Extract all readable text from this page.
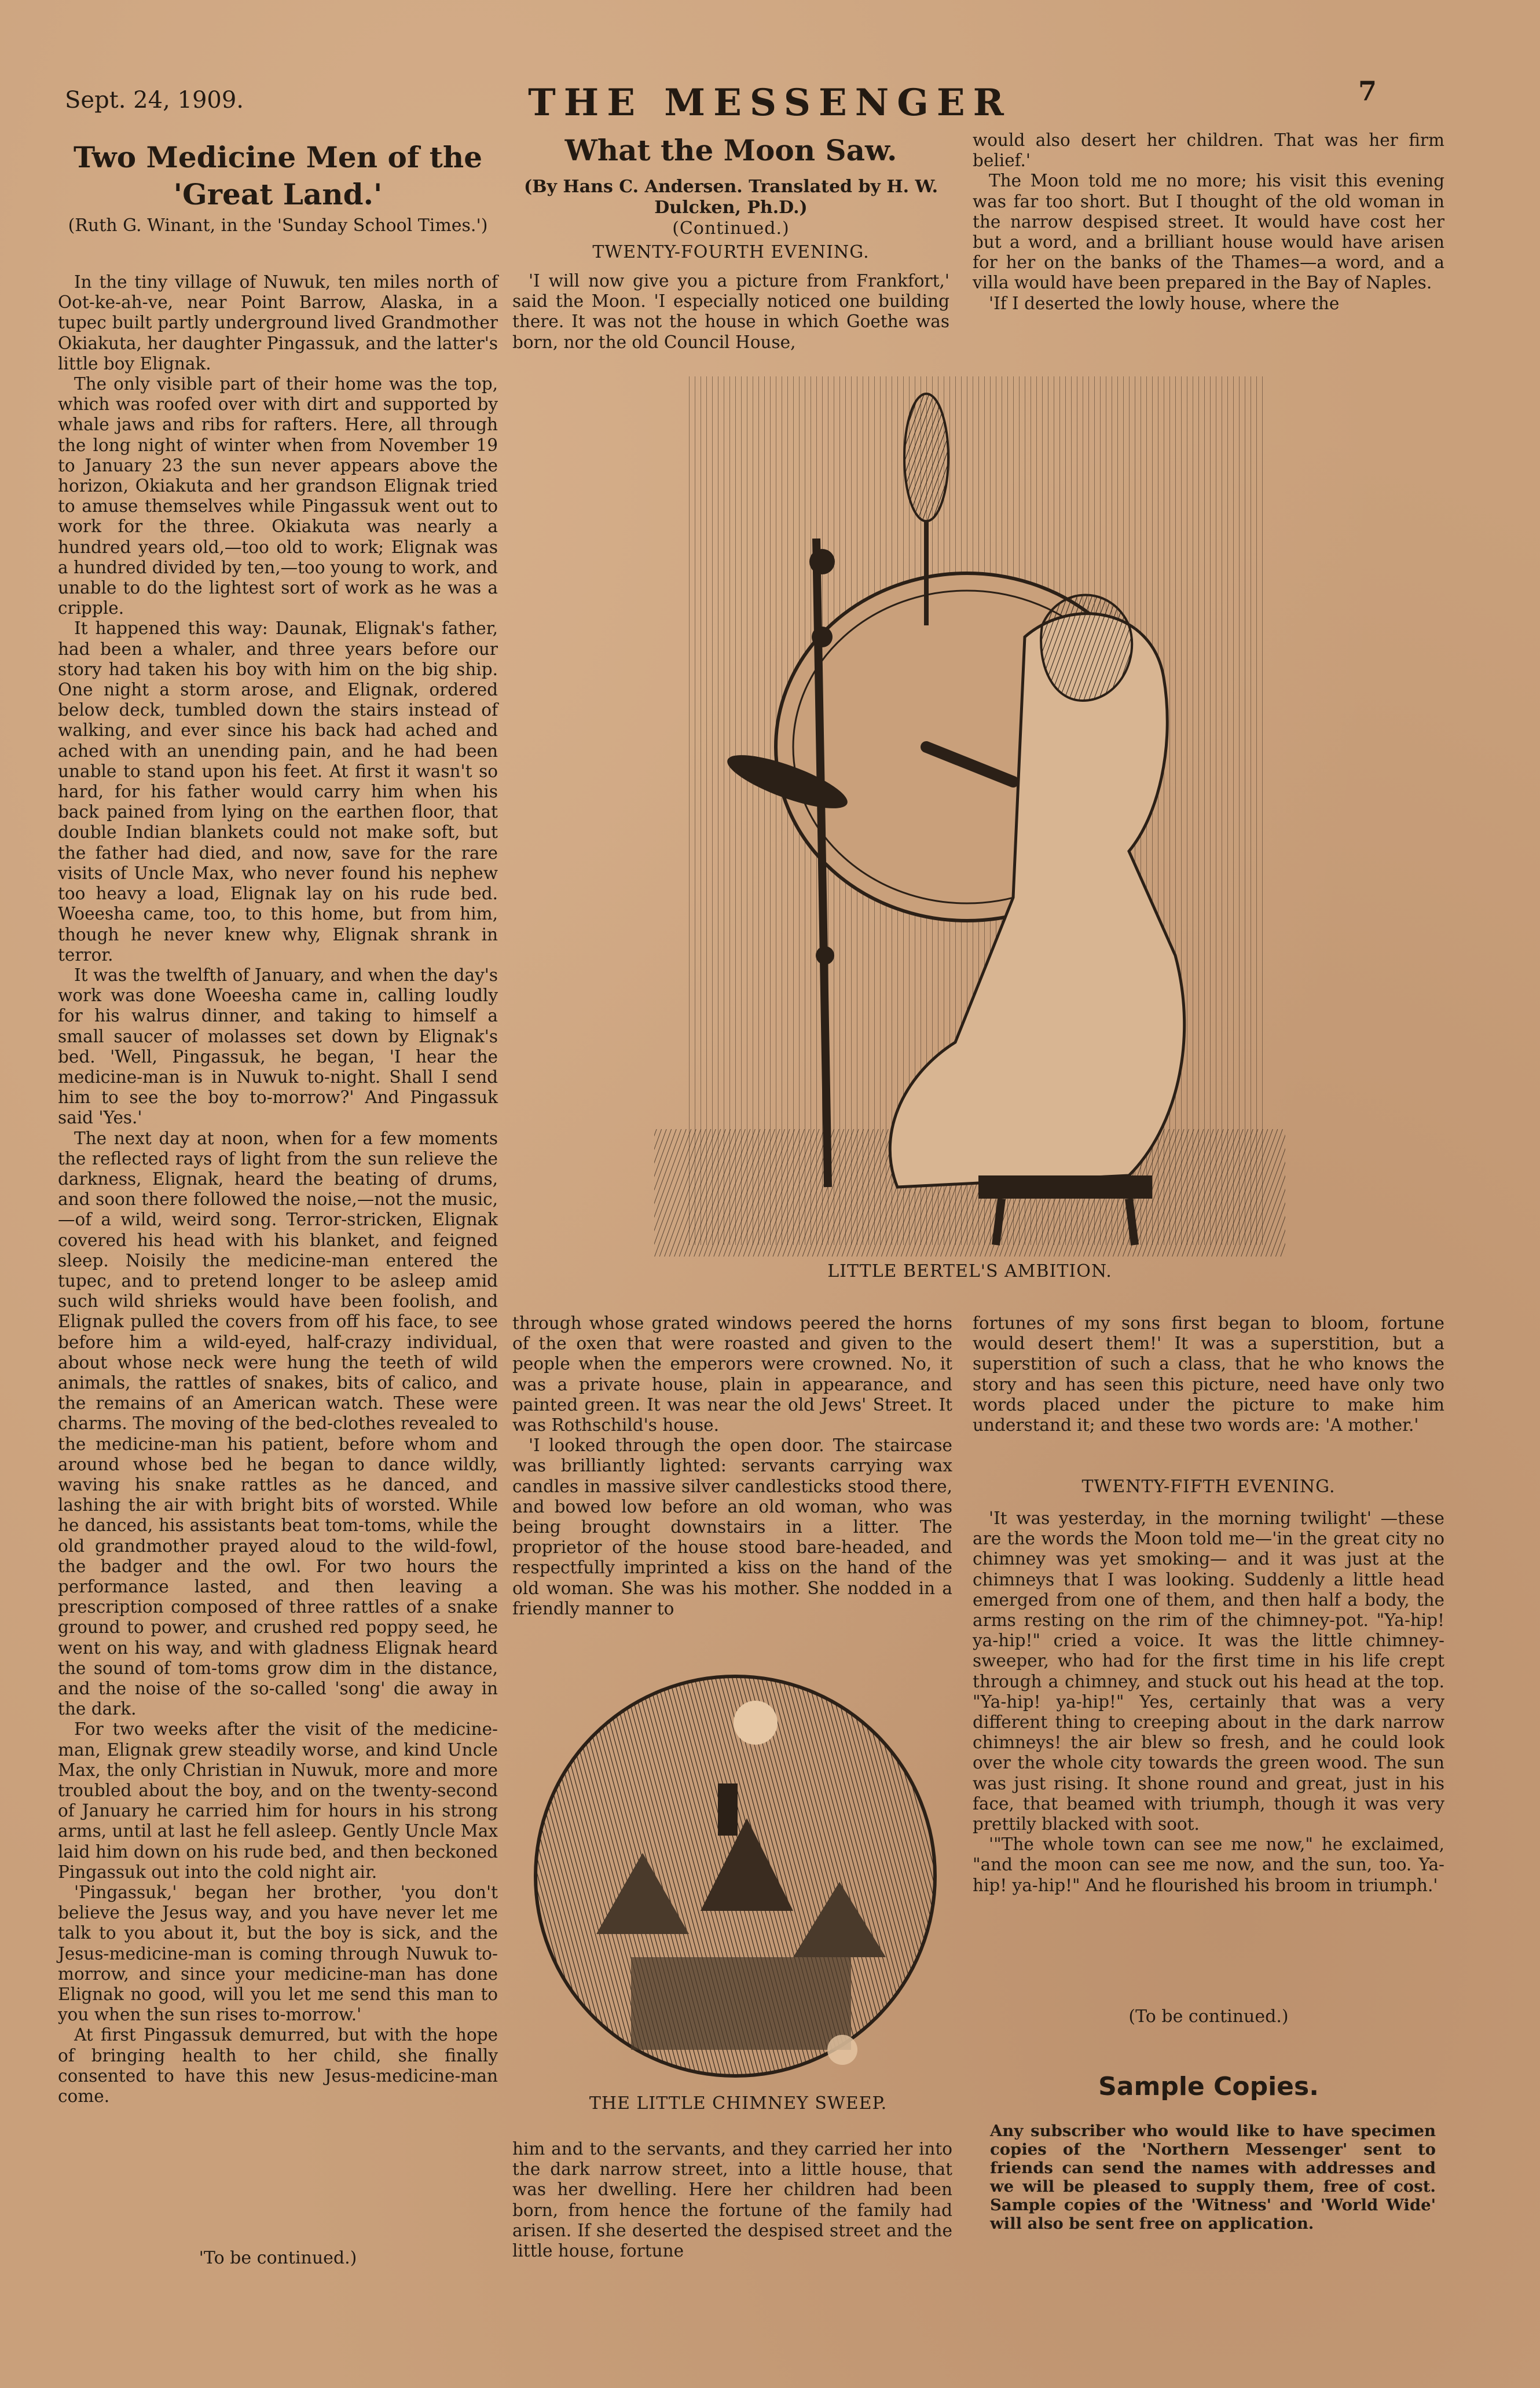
Sept. 24, 1909.	THE MESSENGER	7
Two Medicine Men of the 'Great Land.'
(Ruth G. Winant, in the 'Sunday School Times.')

In the tiny village of Nuwuk, ten miles north of Oot-ke-ah-ve, near Point Barrow, Alaska, in a tupec built partly underground lived Grandmother Okiakuta, her daughter Pingassuk, and the latter's little boy Elignak.

The only visible part of their home was the top, which was roofed over with dirt and supported by whale jaws and ribs for rafters. Here, all through the long night of winter when from November 19 to January 23 the sun never appears above the horizon, Okiakuta and her grandson Elignak tried to amuse themselves while Pingassuk went out to work for the three. Okiakuta was nearly a hundred years old,—too old to work; Elignak was a hundred divided by ten,—too young to work, and unable to do the lightest sort of work as he was a cripple.

It happened this way: Daunak, Elignak's father, had been a whaler, and three years before our story had taken his boy with him on the big ship. One night a storm arose, and Elignak, ordered below deck, tumbled down the stairs instead of walking, and ever since his back had ached and ached with an unending pain, and he had been unable to stand upon his feet. At first it wasn't so hard, for his father would carry him when his back pained from lying on the earthen floor, that double Indian blankets could not make soft, but the father had died, and now, save for the rare visits of Uncle Max, who never found his nephew too heavy a load, Elignak lay on his rude bed. Woeesha came, too, to this home, but from him, though he never knew why, Elignak shrank in terror.

It was the twelfth of January, and when the day's work was done Woeesha came in, calling loudly for his walrus dinner, and taking to himself a small saucer of molasses set down by Elignak's bed. 'Well, Pingassuk, he began, 'I hear the medicine-man is in Nuwuk to-night. Shall I send him to see the boy to-morrow?' And Pingassuk said 'Yes.'

The next day at noon, when for a few moments the reflected rays of light from the sun relieve the darkness, Elignak, heard the beating of drums, and soon there followed the noise,—not the music,—of a wild, weird song. Terror-stricken, Elignak covered his head with his blanket, and feigned sleep. Noisily the medicine-man entered the tupec, and to pretend longer to be asleep amid such wild shrieks would have been foolish, and Elignak pulled the covers from off his face, to see before him a wild-eyed, half-crazy individual, about whose neck were hung the teeth of wild animals, the rattles of snakes, bits of calico, and the remains of an American watch. These were charms. The moving of the bed-clothes revealed to the medicine-man his patient, before whom and around whose bed he began to dance wildly, waving his snake rattles as he danced, and lashing the air with bright bits of worsted. While he danced, his assistants beat tom-toms, while the old grandmother prayed aloud to the wild-fowl, the badger and the owl. For two hours the performance lasted, and then leaving a prescription composed of three rattles of a snake ground to power, and crushed red poppy seed, he went on his way, and with gladness Elignak heard the sound of tom-toms grow dim in the distance, and the noise of the so-called 'song' die away in the dark.

For two weeks after the visit of the medicine-man, Elignak grew steadily worse, and kind Uncle Max, the only Christian in Nuwuk, more and more troubled about the boy, and on the twenty-second of January he carried him for hours in his strong arms, until at last he fell asleep. Gently Uncle Max laid him down on his rude bed, and then beckoned Pingassuk out into the cold night air.

'Pingassuk,' began her brother, 'you don't believe the Jesus way, and you have never let me talk to you about it, but the boy is sick, and the Jesus-medicine-man is coming through Nuwuk to-morrow, and since your medicine-man has done Elignak no good, will you let me send this man to you when the sun rises to-morrow.'

At first Pingassuk demurred, but with the hope of bringing health to her child, she finally consented to have this new Jesus-medicine-man come.

'To be continued.)
What the Moon Saw.
(By Hans C. Andersen. Translated by H. W. Dulcken, Ph.D.)
(Continued.)
TWENTY-FOURTH EVENING.

'I will now give you a picture from Frankfort,' said the Moon. 'I especially noticed one building there. It was not the house in which Goethe was born, nor the old Council House,

would also desert her children. That was her firm belief.'

The Moon told me no more; his visit this evening was far too short. But I thought of the old woman in the narrow despised street. It would have cost her but a word, and a brilliant house would have arisen for her on the banks of the Thames—a word, and a villa would have been prepared in the Bay of Naples.

'If I deserted the lowly house, where the

LITTLE BERTEL'S AMBITION.

through whose grated windows peered the horns of the oxen that were roasted and given to the people when the emperors were crowned. No, it was a private house, plain in appearance, and painted green. It was near the old Jews' Street. It was Rothschild's house.

'I looked through the open door. The staircase was brilliantly lighted: servants carrying wax candles in massive silver candlesticks stood there, and bowed low before an old woman, who was being brought downstairs in a litter. The proprietor of the house stood bare-headed, and respectfully imprinted a kiss on the hand of the old woman. She was his mother. She nodded in a friendly manner to

THE LITTLE CHIMNEY SWEEP.

him and to the servants, and they carried her into the dark narrow street, into a little house, that was her dwelling. Here her children had been born, from hence the fortune of the family had arisen. If she deserted the despised street and the little house, fortune

fortunes of my sons first began to bloom, fortune would desert them!' It was a superstition, but a superstition of such a class, that he who knows the story and has seen this picture, need have only two words placed under the picture to make him understand it; and these two words are: 'A mother.'

TWENTY-FIFTH EVENING.

'It was yesterday, in the morning twilight' —these are the words the Moon told me—'in the great city no chimney was yet smoking— and it was just at the chimneys that I was looking. Suddenly a little head emerged from one of them, and then half a body, the arms resting on the rim of the chimney-pot. "Ya-hip! ya-hip!" cried a voice. It was the little chimney-sweeper, who had for the first time in his life crept through a chimney, and stuck out his head at the top. "Ya-hip! ya-hip!" Yes, certainly that was a very different thing to creeping about in the dark narrow chimneys! the air blew so fresh, and he could look over the whole city towards the green wood. The sun was just rising. It shone round and great, just in his face, that beamed with triumph, though it was very prettily blacked with soot.

'"The whole town can see me now," he exclaimed, "and the moon can see me now, and the sun, too. Ya-hip! ya-hip!" And he flourished his broom in triumph.'

(To be continued.)
Sample Copies.
Any subscriber who would like to have specimen copies of the 'Northern Messenger' sent to friends can send the names with addresses and we will be pleased to supply them, free of cost. Sample copies of the 'Witness' and 'World Wide' will also be sent free on application.
